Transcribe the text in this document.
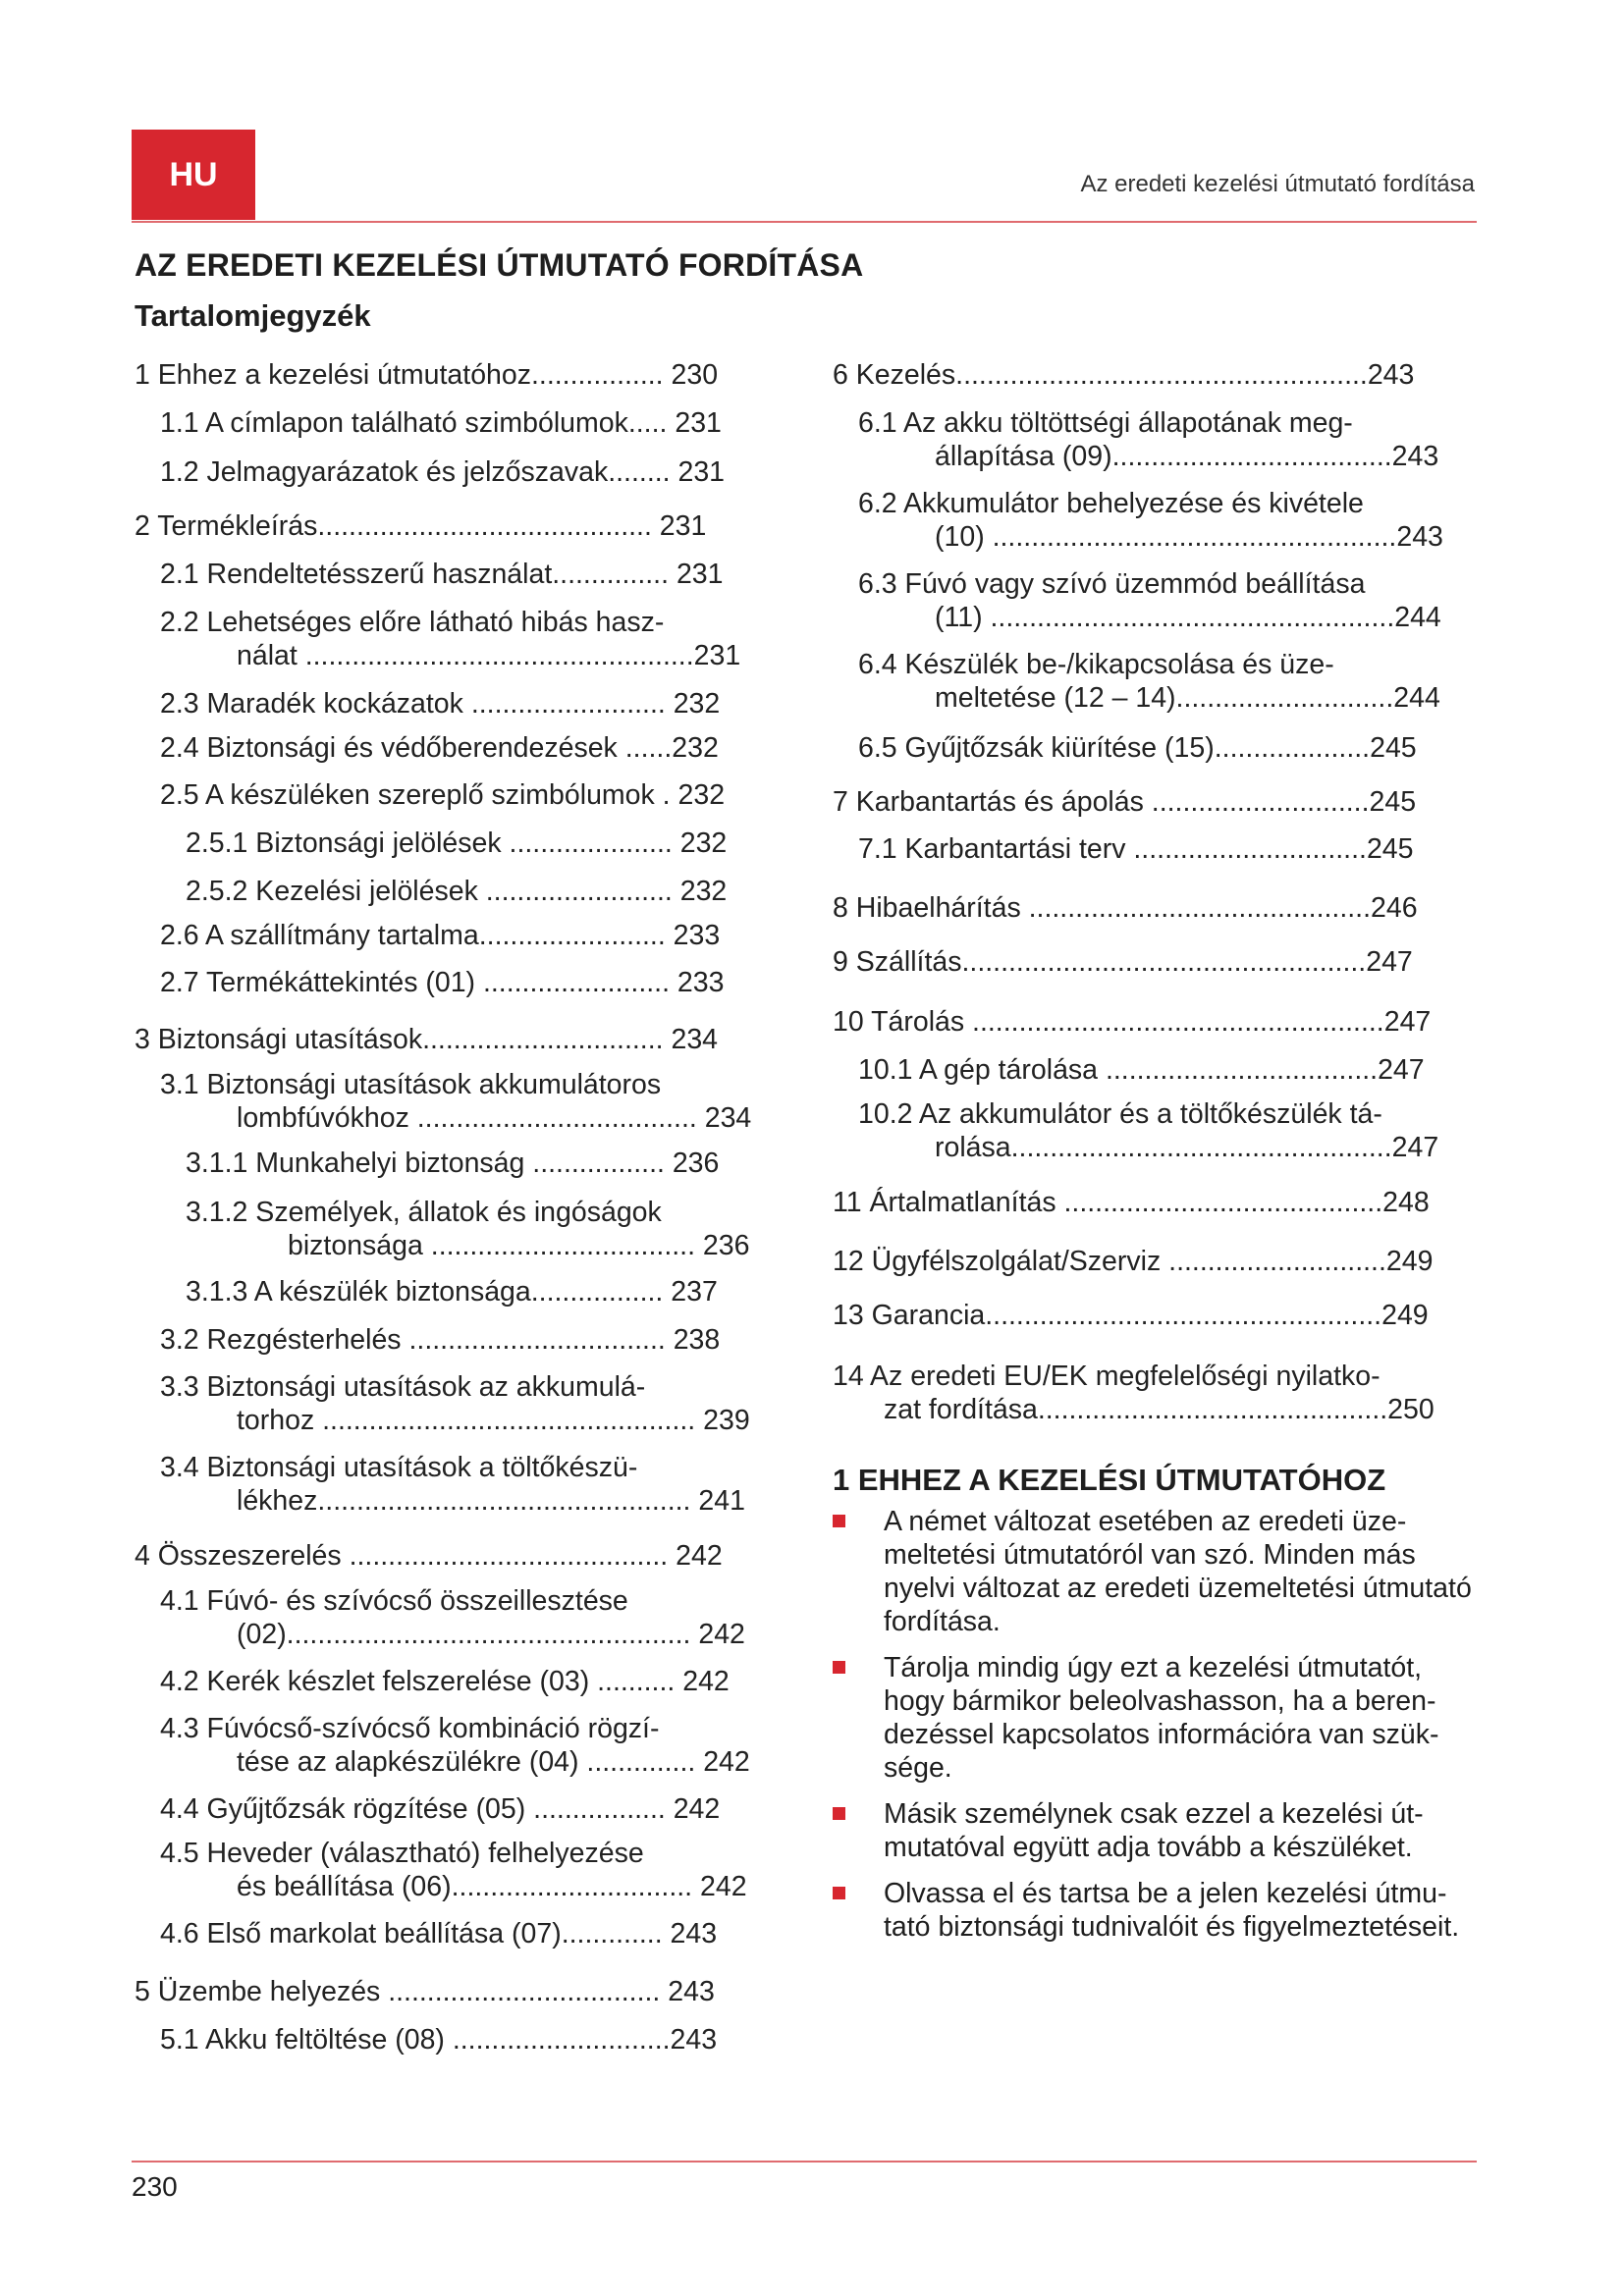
HU	Az eredeti kezelési útmutató fordítása
AZ EREDETI KEZELÉSI ÚTMUTATÓ FORDÍTÁSA
Tartalomjegyzék
1 Ehhez a kezelési útmutatóhoz................. 230
1.1 A címlapon található szimbólumok..... 231
1.2 Jelmagyarázatok és jelzőszavak........ 231
2 Termékleírás........................................... 231
2.1 Rendeltetésszerű használat............... 231
2.2 Lehetséges előre látható hibás hasz-
nálat ..................................................231
2.3 Maradék kockázatok ......................... 232
2.4 Biztonsági és védőberendezések ......232
2.5 A készüléken szereplő szimbólumok . 232
2.5.1 Biztonsági jelölések ..................... 232
2.5.2 Kezelési jelölések ........................ 232
2.6 A szállítmány tartalma........................ 233
2.7 Termékáttekintés (01) ........................ 233
3 Biztonsági utasítások............................... 234
3.1 Biztonsági utasítások akkumulátoros
lombfúvókhoz .................................... 234
3.1.1 Munkahelyi biztonság ................. 236
3.1.2 Személyek, állatok és ingóságok
biztonsága .................................. 236
3.1.3 A készülék biztonsága................. 237
3.2 Rezgésterhelés ................................. 238
3.3 Biztonsági utasítások az akkumulá-
torhoz ................................................ 239
3.4 Biztonsági utasítások a töltőkészü-
lékhez................................................ 241
4 Összeszerelés ......................................... 242
4.1 Fúvó- és szívócső összeillesztése
(02).................................................... 242
4.2 Kerék készlet felszerelése (03) .......... 242
4.3 Fúvócső-szívócső kombináció rögzí-
tése az alapkészülékre (04) .............. 242
4.4 Gyűjtőzsák rögzítése (05) ................. 242
4.5 Heveder (választható) felhelyezése
és beállítása (06)............................... 242
4.6 Első markolat beállítása (07)............. 243
5 Üzembe helyezés ................................... 243
5.1 Akku feltöltése (08) ............................243
6 Kezelés.....................................................243
6.1 Az akku töltöttségi állapotának meg-
állapítása (09)....................................243
6.2 Akkumulátor behelyezése és kivétele
(10) ....................................................243
6.3 Fúvó vagy szívó üzemmód beállítása
(11) ....................................................244
6.4 Készülék be-/kikapcsolása és üze-
meltetése (12 – 14)............................244
6.5 Gyűjtőzsák kiürítése (15)....................245
7 Karbantartás és ápolás ............................245
7.1 Karbantartási terv ..............................245
8 Hibaelhárítás ............................................246
9 Szállítás....................................................247
10 Tárolás .....................................................247
10.1 A gép tárolása ...................................247
10.2 Az akkumulátor és a töltőkészülék tá-
rolása.................................................247
11 Ártalmatlanítás .........................................248
12 Ügyfélszolgálat/Szerviz ............................249
13 Garancia...................................................249
14 Az eredeti EU/EK megfelelőségi nyilatko-
zat fordítása.............................................250
1 EHHEZ A KEZELÉSI ÚTMUTATÓHOZ
A német változat esetében az eredeti üzemeltetési útmutatóról van szó. Minden más nyelvi változat az eredeti üzemeltetési útmutató fordítása.
Tárolja mindig úgy ezt a kezelési útmutatót, hogy bármikor beleolvashasson, ha a berendezéssel kapcsolatos információra van szüksége.
Másik személynek csak ezzel a kezelési útmutatóval együtt adja tovább a készüléket.
Olvassa el és tartsa be a jelen kezelési útmutató biztonsági tudnivalóit és figyelmeztetéseit.
230
